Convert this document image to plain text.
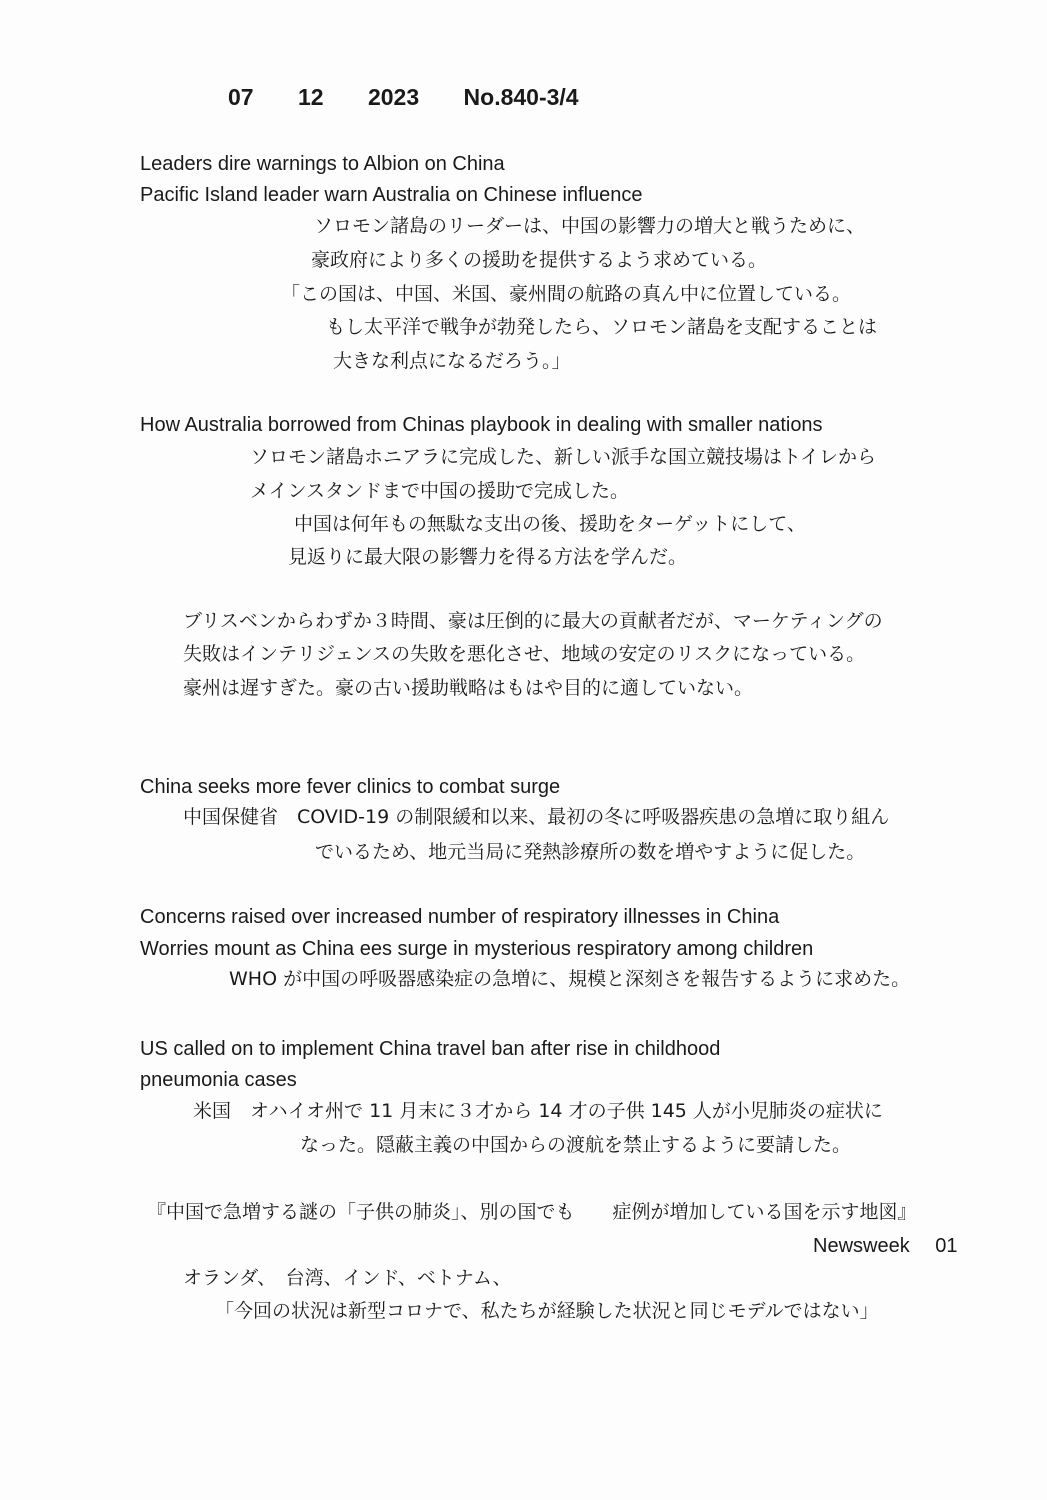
07 12 2023 No.840-3/4
Leaders dire warnings to Albion on China
Pacific Island leader warn Australia on Chinese influence
ソロモン諸島のリーダーは、中国の影響力の増大と戦うために、
豪政府により多くの援助を提供するよう求めている。
「この国は、中国、米国、豪州間の航路の真ん中に位置している。
もし太平洋で戦争が勃発したら、ソロモン諸島を支配することは
大きな利点になるだろう。」
How Australia borrowed from Chinas playbook in dealing with smaller nations
ソロモン諸島ホニアラに完成した、新しい派手な国立競技場はトイレから
メインスタンドまで中国の援助で完成した。
中国は何年もの無駄な支出の後、援助をターゲットにして、
見返りに最大限の影響力を得る方法を学んだ。
ブリスベンからわずか３時間、豪は圧倒的に最大の貢献者だが、マーケティングの
失敗はインテリジェンスの失敗を悪化させ、地域の安定のリスクになっている。
豪州は遅すぎた。豪の古い援助戦略はもはや目的に適していない。
China seeks more fever clinics to combat surge
中国保健省　COVID-19 の制限緩和以来、最初の冬に呼吸器疾患の急増に取り組ん
でいるため、地元当局に発熱診療所の数を増やすように促した。
Concerns raised over increased number of respiratory illnesses in China
Worries mount as China ees surge in mysterious respiratory among children
WHO が中国の呼吸器感染症の急増に、規模と深刻さを報告するように求めた。
US called on to implement China travel ban after rise in childhood
pneumonia cases
米国　オハイオ州で 11 月末に３才から 14 才の子供 145 人が小児肺炎の症状に
なった。隠蔽主義の中国からの渡航を禁止するように要請した。
『中国で急増する謎の「子供の肺炎」、別の国でも　　症例が増加している国を示す地図』
Newsweek　 01
オランダ、　台湾、インド、ベトナム、
「今回の状況は新型コロナで、私たちが経験した状況と同じモデルではない」
